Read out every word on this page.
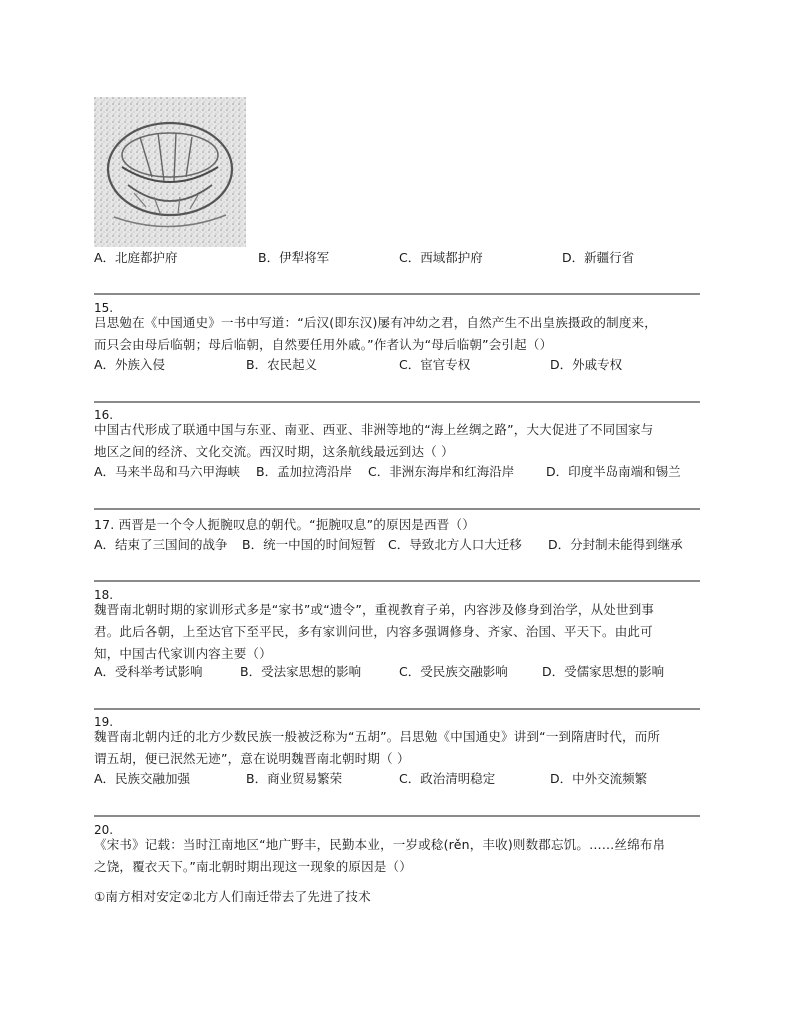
A．北庭都护府	B．伊犁将军	C．西域都护府	D．新疆行省
15.
吕思勉在《中国通史》一书中写道：“后汉(即东汉)屡有冲幼之君，自然产生不出皇族摄政的制度来，
而只会由母后临朝；母后临朝，自然要任用外戚。”作者认为“母后临朝”会引起（）
A．外族入侵	B．农民起义	C．宦官专权	D．外戚专权
16.
中国古代形成了联通中国与东亚、南亚、西亚、非洲等地的“海上丝绸之路”，大大促进了不同国家与
地区之间的经济、文化交流。西汉时期，这条航线最远到达（ ）
A．马来半岛和马六甲海峡 B．孟加拉湾沿岸 C．非洲东海岸和红海沿岸	D．印度半岛南端和锡兰
17. 西晋是一个令人扼腕叹息的朝代。“扼腕叹息”的原因是西晋（）
A．结束了三国间的战争 B．统一中国的时间短暂 C．导致北方人口大迁移 D．分封制未能得到继承
18.
魏晋南北朝时期的家训形式多是“家书”或“遗令”，重视教育子弟，内容涉及修身到治学，从处世到事
君。此后各朝，上至达官下至平民，多有家训问世，内容多强调修身、齐家、治国、平天下。由此可
知，中国古代家训内容主要（）
A．受科举考试影响	B．受法家思想的影响	C．受民族交融影响	D．受儒家思想的影响
19.
魏晋南北朝内迁的北方少数民族一般被泛称为“五胡”。吕思勉《中国通史》讲到“一到隋唐时代，而所
谓五胡，便已泯然无迹”，意在说明魏晋南北朝时期（ ）
A．民族交融加强	B．商业贸易繁荣	C．政治清明稳定	D．中外交流频繁
20.
《宋书》记载：当时江南地区“地广野丰，民勤本业，一岁或稔(rěn，丰收)则数郡忘饥。……丝绵布帛
之饶，覆衣天下。”南北朝时期出现这一现象的原因是（）
①南方相对安定②北方人们南迁带去了先进了技术
